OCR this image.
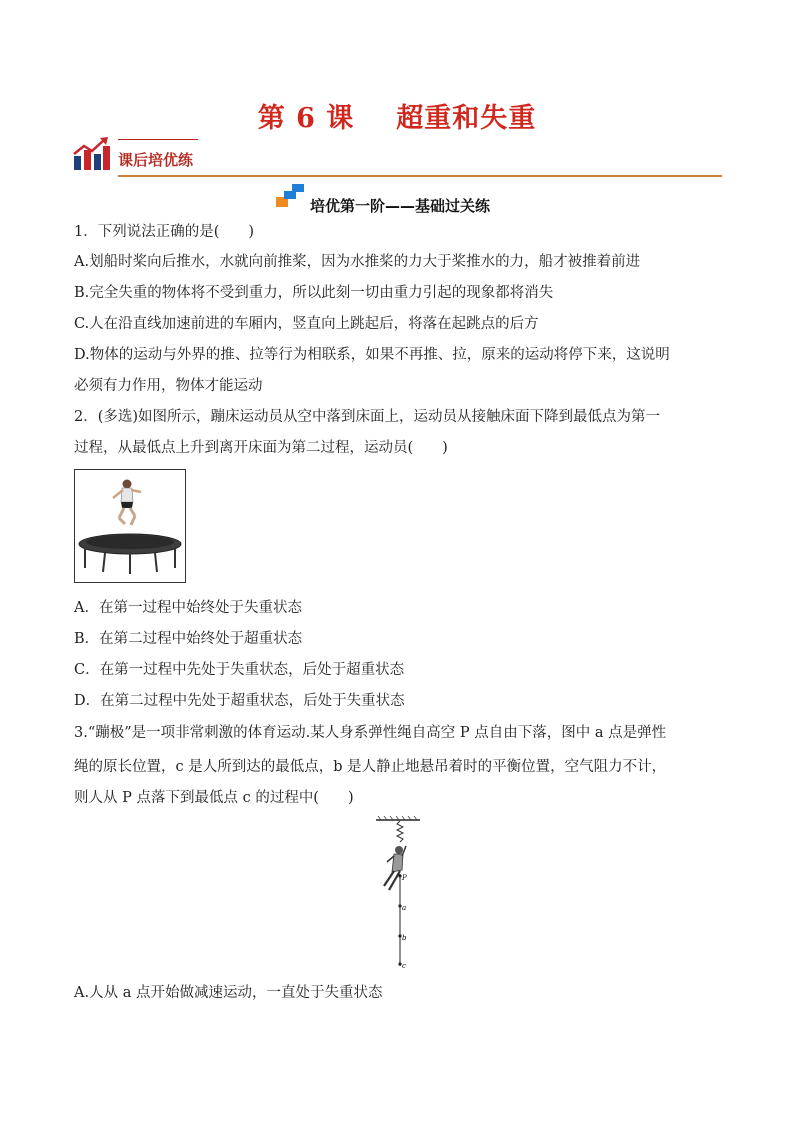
第 6 课 超重和失重
课后培优练
培优第一阶——基础过关练
1．下列说法正确的是(　　)
A.划船时桨向后推水，水就向前推桨，因为水推桨的力大于桨推水的力，船才被推着前进
B.完全失重的物体将不受到重力，所以此刻一切由重力引起的现象都将消失
C.人在沿直线加速前进的车厢内，竖直向上跳起后，将落在起跳点的后方
D.物体的运动与外界的推、拉等行为相联系，如果不再推、拉，原来的运动将停下来，这说明
必须有力作用，物体才能运动
2．(多选)如图所示，蹦床运动员从空中落到床面上，运动员从接触床面下降到最低点为第一
过程，从最低点上升到离开床面为第二过程，运动员(　　)
A．在第一过程中始终处于失重状态
B．在第二过程中始终处于超重状态
C．在第一过程中先处于失重状态，后处于超重状态
D．在第二过程中先处于超重状态，后处于失重状态
3.“蹦极”是一项非常刺激的体育运动.某人身系弹性绳自高空 P 点自由下落，图中 a 点是弹性
绳的原长位置，c 是人所到达的最低点，b 是人静止地悬吊着时的平衡位置，空气阻力不计，
则人从 P 点落下到最低点 c 的过程中(　　)
P
a
b
c
A.人从 a 点开始做减速运动，一直处于失重状态
